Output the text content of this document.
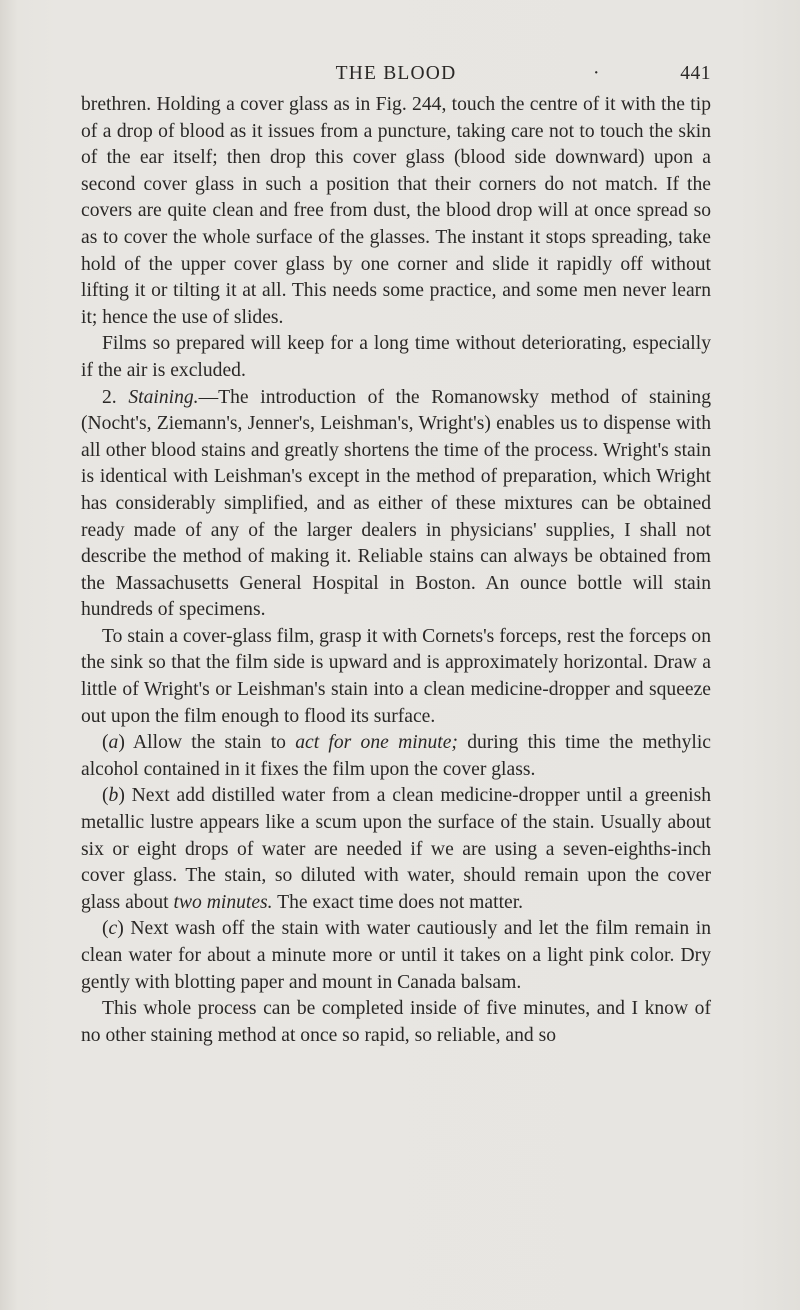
THE BLOOD	·	441

brethren. Holding a cover glass as in Fig. 244, touch the centre of it with the tip of a drop of blood as it issues from a puncture, taking care not to touch the skin of the ear itself; then drop this cover glass (blood side downward) upon a second cover glass in such a position that their corners do not match. If the covers are quite clean and free from dust, the blood drop will at once spread so as to cover the whole surface of the glasses. The instant it stops spreading, take hold of the upper cover glass by one corner and slide it rapidly off without lifting it or tilting it at all. This needs some practice, and some men never learn it; hence the use of slides.

Films so prepared will keep for a long time without deteriorating, especially if the air is excluded.

2. Staining.—The introduction of the Romanowsky method of staining (Nocht's, Ziemann's, Jenner's, Leishman's, Wright's) enables us to dispense with all other blood stains and greatly shortens the time of the process. Wright's stain is identical with Leishman's except in the method of preparation, which Wright has considerably simplified, and as either of these mixtures can be obtained ready made of any of the larger dealers in physicians' supplies, I shall not describe the method of making it. Reliable stains can always be obtained from the Massachusetts General Hospital in Boston. An ounce bottle will stain hundreds of specimens.

To stain a cover-glass film, grasp it with Cornets's forceps, rest the forceps on the sink so that the film side is upward and is approximately horizontal. Draw a little of Wright's or Leishman's stain into a clean medicine-dropper and squeeze out upon the film enough to flood its surface.

(a) Allow the stain to act for one minute; during this time the methylic alcohol contained in it fixes the film upon the cover glass.

(b) Next add distilled water from a clean medicine-dropper until a greenish metallic lustre appears like a scum upon the surface of the stain. Usually about six or eight drops of water are needed if we are using a seven-eighths-inch cover glass. The stain, so diluted with water, should remain upon the cover glass about two minutes. The exact time does not matter.

(c) Next wash off the stain with water cautiously and let the film remain in clean water for about a minute more or until it takes on a light pink color. Dry gently with blotting paper and mount in Canada balsam.

This whole process can be completed inside of five minutes, and I know of no other staining method at once so rapid, so reliable, and so
